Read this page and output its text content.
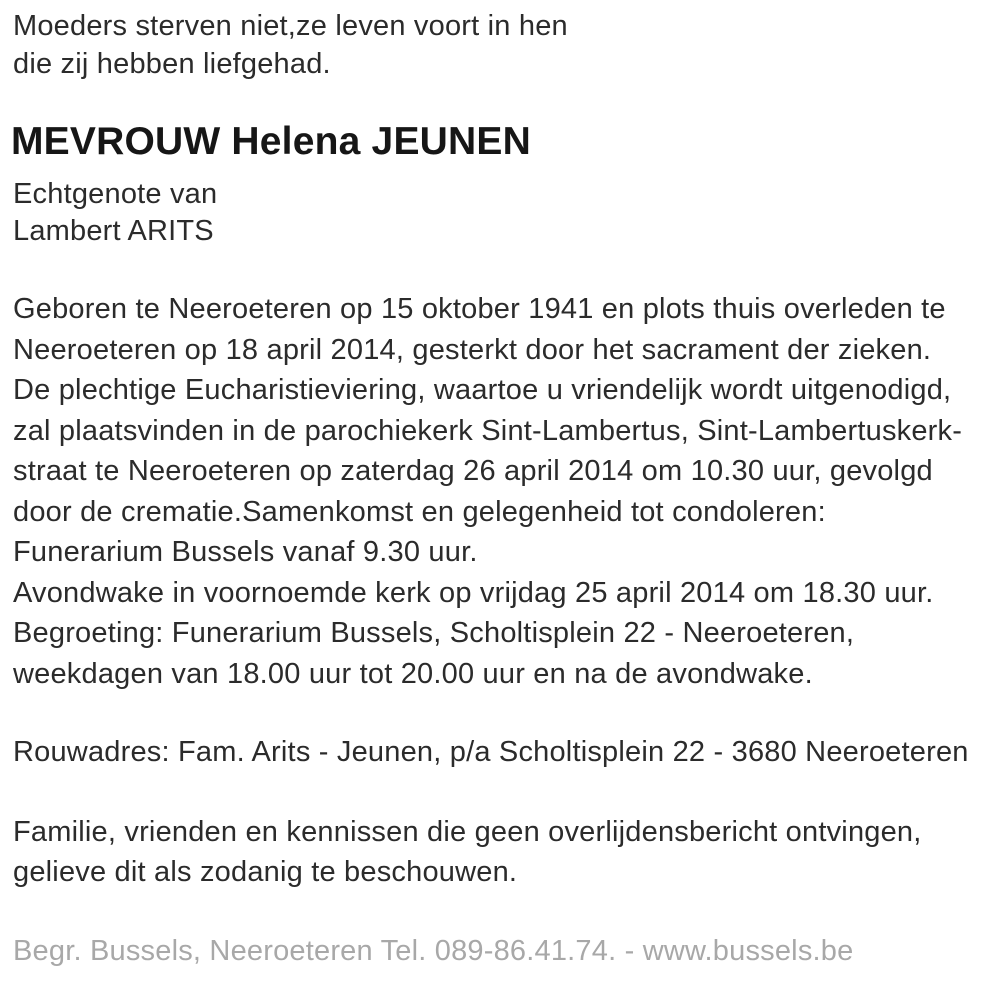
Moeders sterven niet,ze leven voort in hen
die zij hebben liefgehad.
MEVROUW Helena JEUNEN
Echtgenote van
Lambert ARITS
Geboren te Neeroeteren op 15 oktober 1941 en plots thuis overleden te
Neeroeteren op 18 april 2014, gesterkt door het sacrament der zieken.
De plechtige Eucharistieviering, waartoe u vriendelijk wordt uitgenodigd,
zal plaatsvinden in de parochiekerk Sint-Lambertus, Sint-Lambertuskerk-
straat te Neeroeteren op zaterdag 26 april 2014 om 10.30 uur, gevolgd
door de crematie.Samenkomst en gelegenheid tot condoleren:
Funerarium Bussels vanaf 9.30 uur.
Avondwake in voornoemde kerk op vrijdag 25 april 2014 om 18.30 uur.
Begroeting: Funerarium Bussels, Scholtisplein 22 - Neeroeteren,
weekdagen van 18.00 uur tot 20.00 uur en na de avondwake.
Rouwadres: Fam. Arits - Jeunen, p/a Scholtisplein 22 - 3680 Neeroeteren
Familie, vrienden en kennissen die geen overlijdensbericht ontvingen,
gelieve dit als zodanig te beschouwen.
Begr. Bussels, Neeroeteren Tel. 089-86.41.74. - www.bussels.be
